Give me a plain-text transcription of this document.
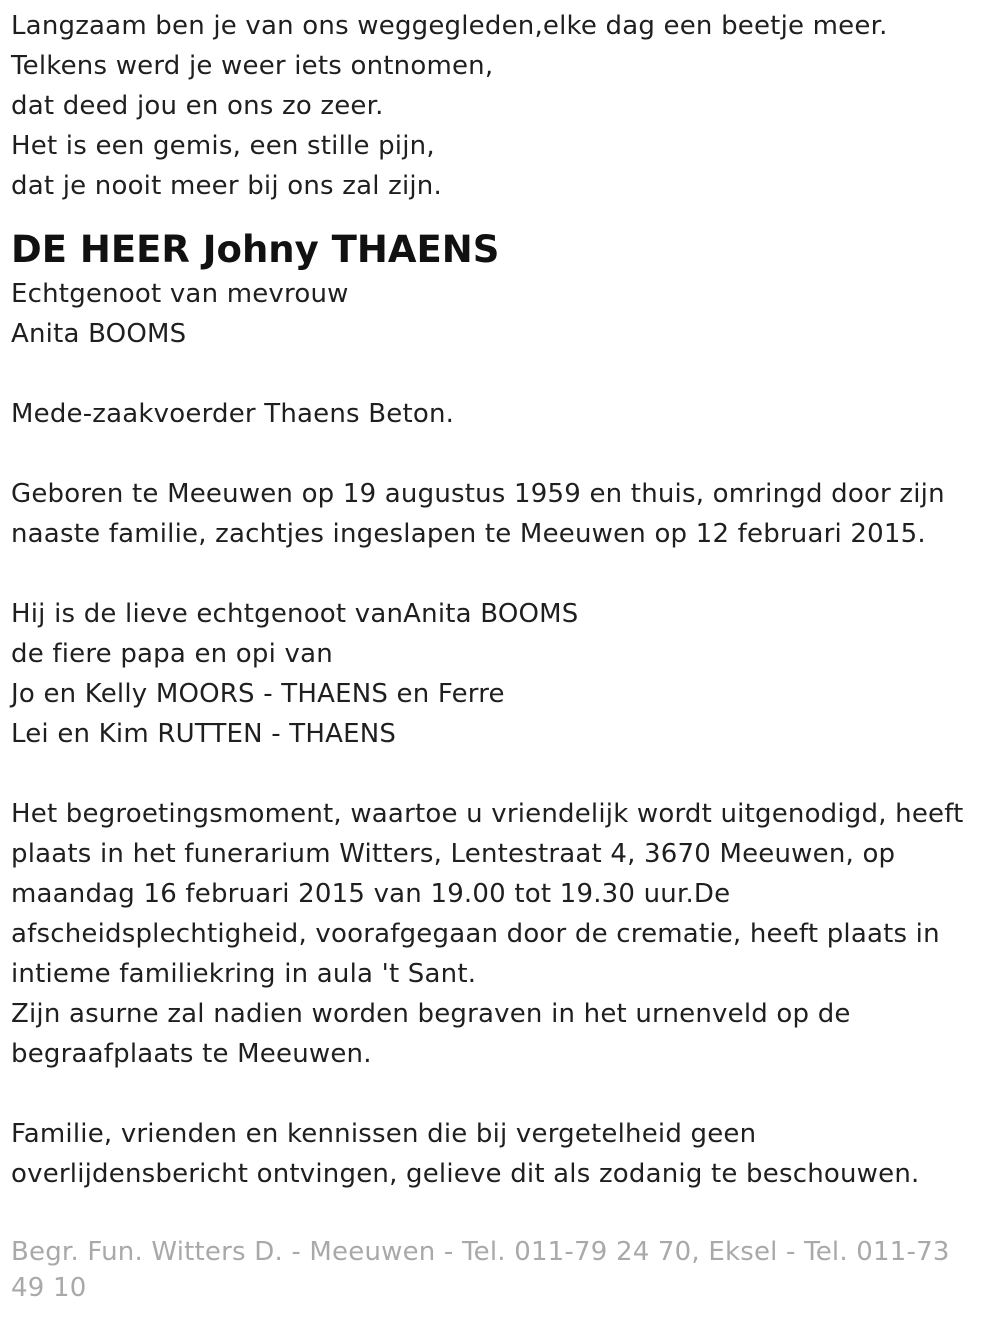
Langzaam ben je van ons weggegleden,elke dag een beetje meer.
Telkens werd je weer iets ontnomen,
dat deed jou en ons zo zeer.
Het is een gemis, een stille pijn,
dat je nooit meer bij ons zal zijn.
DE HEER Johny THAENS
Echtgenoot van mevrouw
Anita BOOMS
Mede-zaakvoerder Thaens Beton.
Geboren te Meeuwen op 19 augustus 1959 en thuis, omringd door zijn
naaste familie, zachtjes ingeslapen te Meeuwen op 12 februari 2015.
Hij is de lieve echtgenoot vanAnita BOOMS
de fiere papa en opi van
Jo en Kelly MOORS - THAENS en Ferre
Lei en Kim RUTTEN - THAENS
Het begroetingsmoment, waartoe u vriendelijk wordt uitgenodigd, heeft
plaats in het funerarium Witters, Lentestraat 4, 3670 Meeuwen, op
maandag 16 februari 2015 van 19.00 tot 19.30 uur.De
afscheidsplechtigheid, voorafgegaan door de crematie, heeft plaats in
intieme familiekring in aula 't Sant.
Zijn asurne zal nadien worden begraven in het urnenveld op de
begraafplaats te Meeuwen.
Familie, vrienden en kennissen die bij vergetelheid geen
overlijdensbericht ontvingen, gelieve dit als zodanig te beschouwen.
Begr. Fun. Witters D. - Meeuwen - Tel. 011-79 24 70, Eksel - Tel. 011-73 49 10
